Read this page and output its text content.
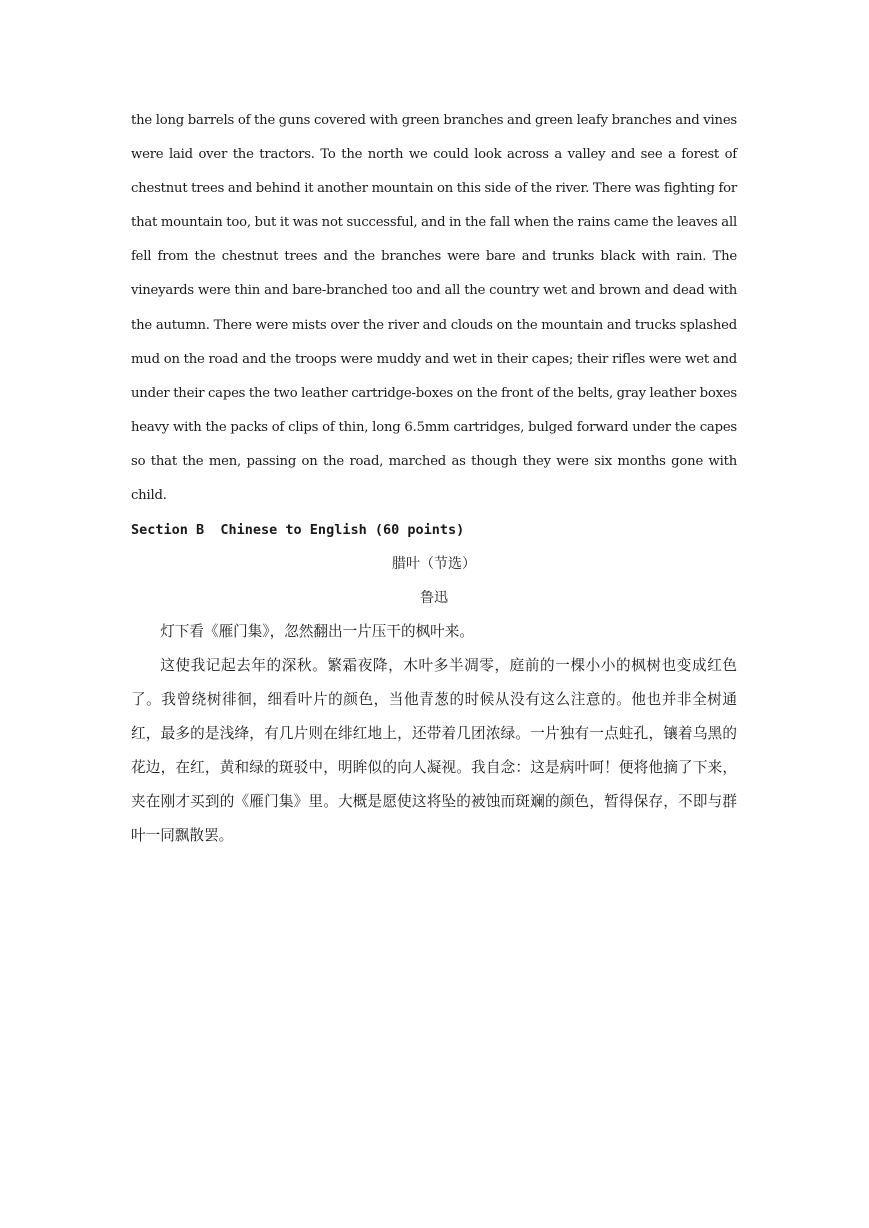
the long barrels of the guns covered with green branches and green leafy branches and vines were laid over the tractors. To the north we could look across a valley and see a forest of chestnut trees and behind it another mountain on this side of the river. There was fighting for that mountain too, but it was not successful, and in the fall when the rains came the leaves all fell from the chestnut trees and the branches were bare and trunks black with rain. The vineyards were thin and bare-branched too and all the country wet and brown and dead with the autumn. There were mists over the river and clouds on the mountain and trucks splashed mud on the road and the troops were muddy and wet in their capes; their rifles were wet and under their capes the two leather cartridge-boxes on the front of the belts, gray leather boxes heavy with the packs of clips of thin, long 6.5mm cartridges, bulged forward under the capes so that the men, passing on the road, marched as though they were six months gone with child.

Section B  Chinese to English (60 points)

腊叶（节选）

鲁迅

灯下看《雁门集》，忽然翻出一片压干的枫叶来。

这使我记起去年的深秋。繁霜夜降，木叶多半凋零，庭前的一棵小小的枫树也变成红色了。我曾绕树徘徊，细看叶片的颜色，当他青葱的时候从没有这么注意的。他也并非全树通红，最多的是浅绛，有几片则在绯红地上，还带着几团浓绿。一片独有一点蛀孔，镶着乌黑的花边，在红，黄和绿的斑驳中，明眸似的向人凝视。我自念：这是病叶呵！便将他摘了下来，夹在刚才买到的《雁门集》里。大概是愿使这将坠的被蚀而斑斓的颜色，暂得保存，不即与群叶一同飘散罢。
